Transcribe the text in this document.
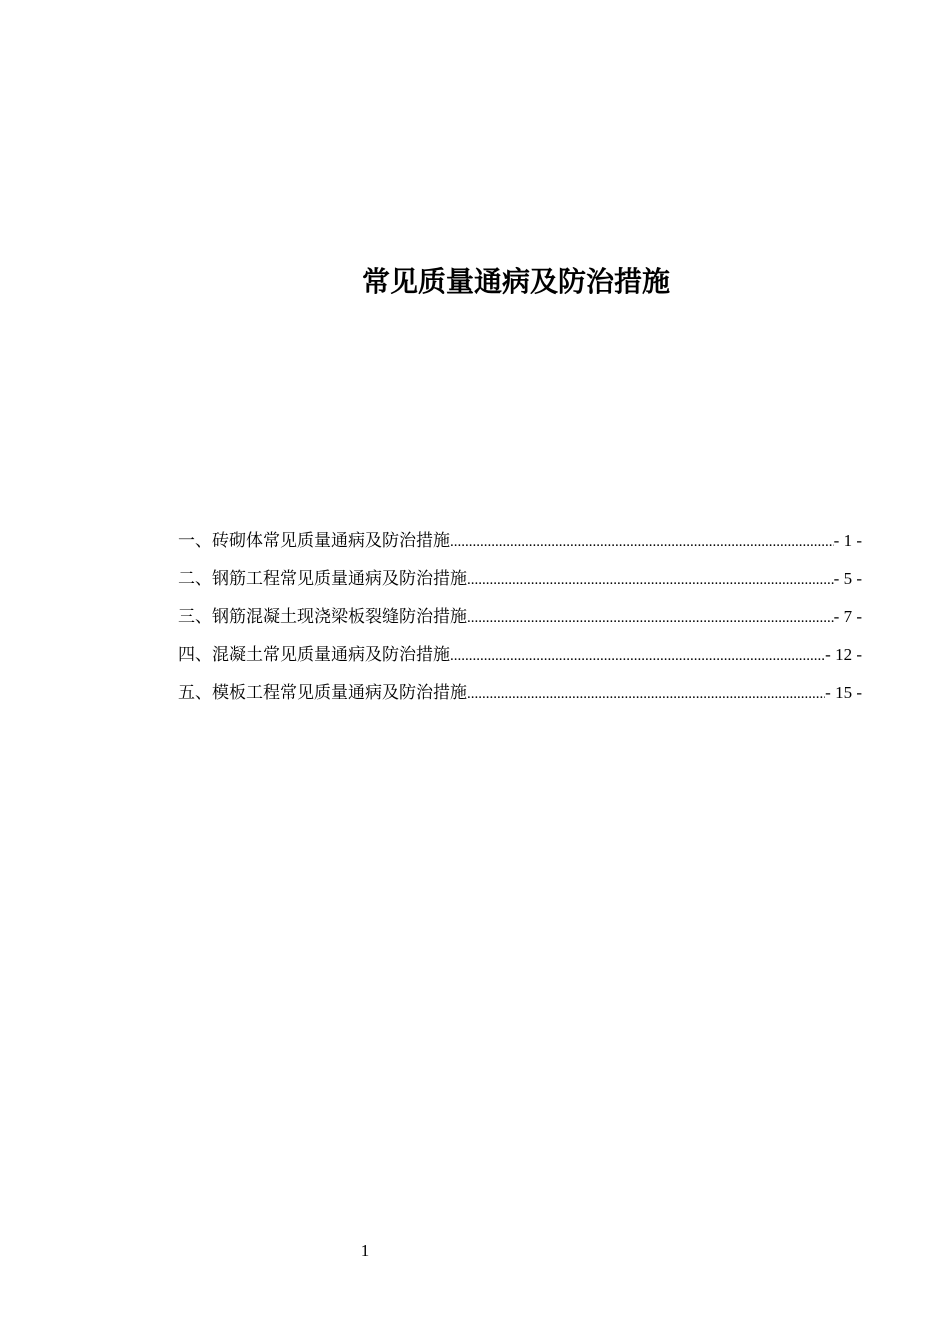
常见质量通病及防治措施
一、砖砌体常见质量通病及防治措施 .....	- 1 -
二、钢筋工程常见质量通病及防治措施 .....	- 5 -
三、钢筋混凝土现浇梁板裂缝防治措施 .....	- 7 -
四、混凝土常见质量通病及防治措施 .....	- 12 -
五、模板工程常见质量通病及防治措施 .....	- 15 -
1
